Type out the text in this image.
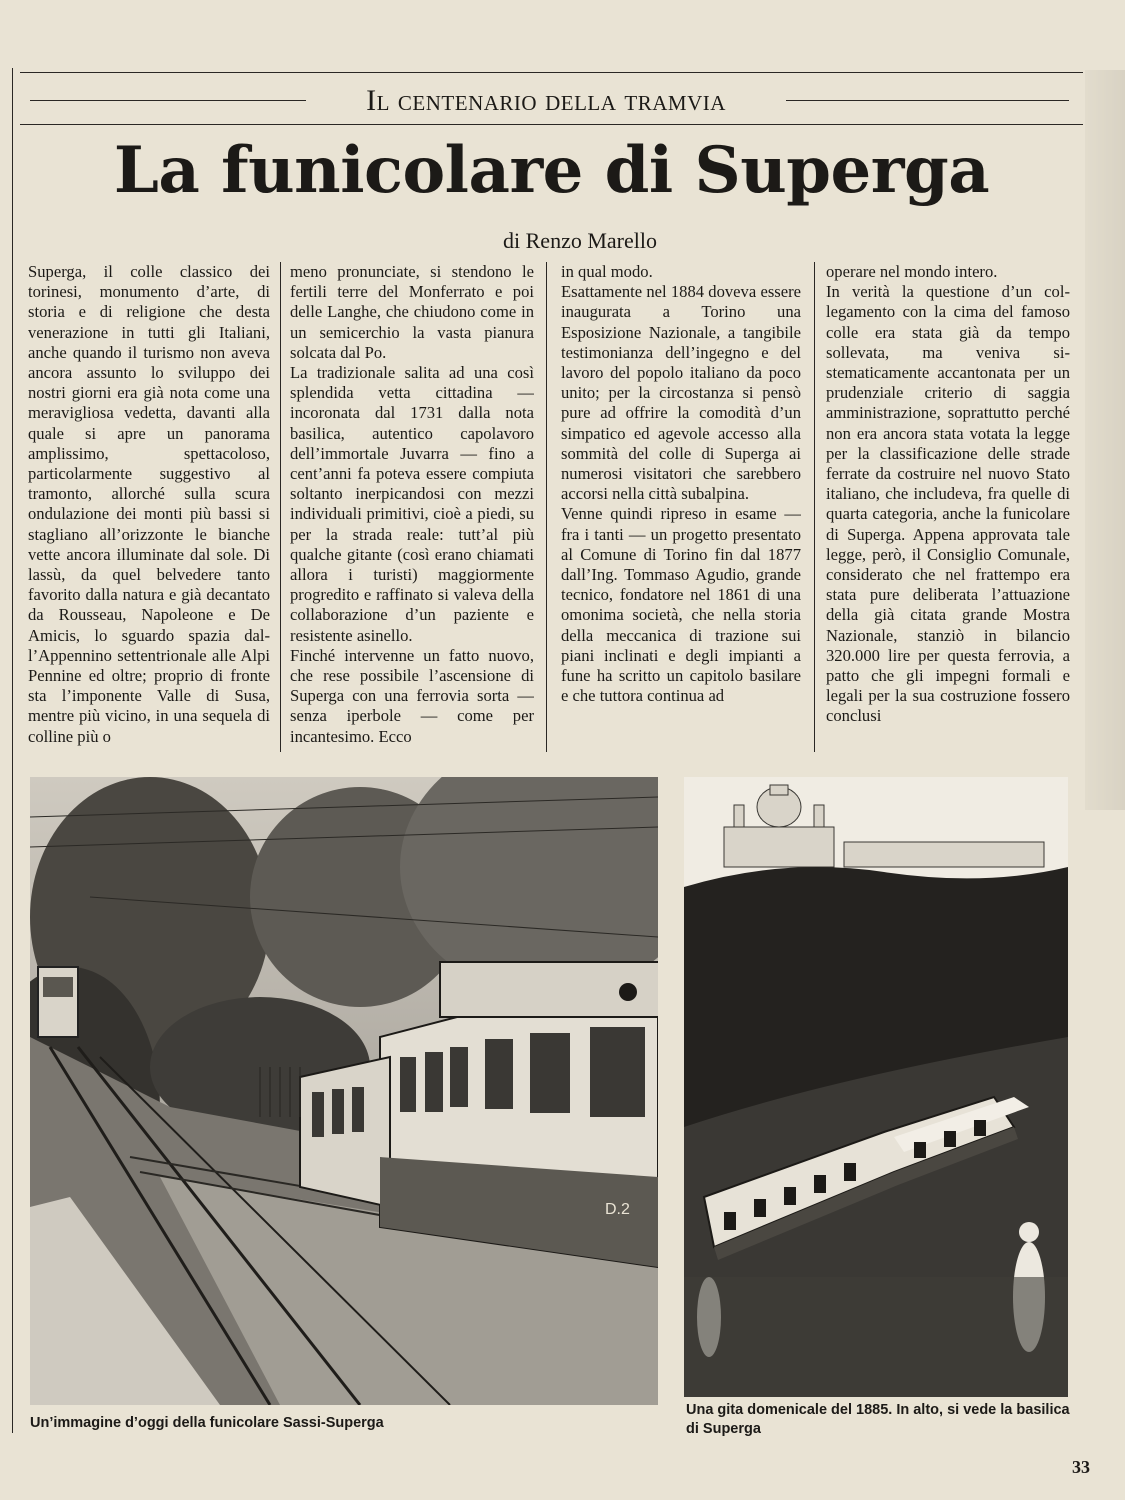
Il centenario della tramvia
La funicolare di Superga
di Renzo Marello

Superga, il colle classico dei torinesi, monumento d’arte, di storia e di religione che desta venerazione in tutti gli Italiani, anche quando il turismo non aveva ancora assunto lo sviluppo dei nostri giorni era già nota come una meravigliosa vedetta, davanti alla quale si apre un panorama amplissimo, spettacoloso, particolarmente suggestivo al tramonto, allorché sulla scura ondulazione dei monti più bassi si stagliano all’orizzonte le bianche vette ancora illuminate dal sole. Di lassù, da quel belvedere tanto favorito dalla natura e già decantato da Rousseau, Napoleone e De Amicis, lo sguardo spazia dall’Appennino settentrionale alle Alpi Pennine ed oltre; proprio di fronte sta l’imponente Valle di Susa, mentre più vicino, in una sequela di colline più o

meno pronunciate, si stendono le fertili terre del Monferrato e poi delle Langhe, che chiudono come in un semicerchio la vasta pianura solcata dal Po.

La tradizionale salita ad una così splendida vetta cittadina — incoronata dal 1731 dalla nota basilica, autentico capolavoro dell’immortale Juvarra — fino a cent’anni fa poteva essere compiuta soltanto inerpicandosi con mezzi individuali primitivi, cioè a piedi, su per la strada reale: tutt’al più qualche gitante (così erano chiamati allora i turisti) maggiormente progredito e raffinato si valeva della collaborazione d’un paziente e resistente asinello.

Finché intervenne un fatto nuovo, che rese possibile l’ascensione di Superga con una ferrovia sorta — senza iperbole — come per incantesimo. Ecco

in qual modo.

Esattamente nel 1884 doveva essere inaugurata a Torino una Esposizione Nazionale, a tangibile testimonianza dell’ingegno e del lavoro del popolo italiano da poco unito; per la circostanza si pensò pure ad offrire la comodità d’un simpatico ed agevole accesso alla sommità del colle di Superga ai numerosi visitatori che sarebbero accorsi nella città subalpina.

Venne quindi ripreso in esame — fra i tanti — un progetto presentato al Comune di Torino fin dal 1877 dall’Ing. Tommaso Agudio, grande tecnico, fondatore nel 1861 di una omonima società, che nella storia della meccanica di trazione sui piani inclinati e degli impianti a fune ha scritto un capitolo basilare e che tuttora continua ad

operare nel mondo intero.

In verità la questione d’un collegamento con la cima del famoso colle era stata già da tempo sollevata, ma veniva sistematicamente accantonata per un prudenziale criterio di saggia amministrazione, soprattutto perché non era ancora stata votata la legge per la classificazione delle strade ferrate da costruire nel nuovo Stato italiano, che includeva, fra quelle di quarta categoria, anche la funicolare di Superga. Appena approvata tale legge, però, il Consiglio Comunale, considerato che nel frattempo era stata pure deliberata l’attuazione della già citata grande Mostra Nazionale, stanziò in bilancio 320.000 lire per questa ferrovia, a patto che gli impegni formali e legali per la sua costruzione fossero conclusi

D.2
Un’immagine d’oggi della funicolare Sassi-Superga
Una gita domenicale del 1885. In alto, si vede la basilica di Superga
33
